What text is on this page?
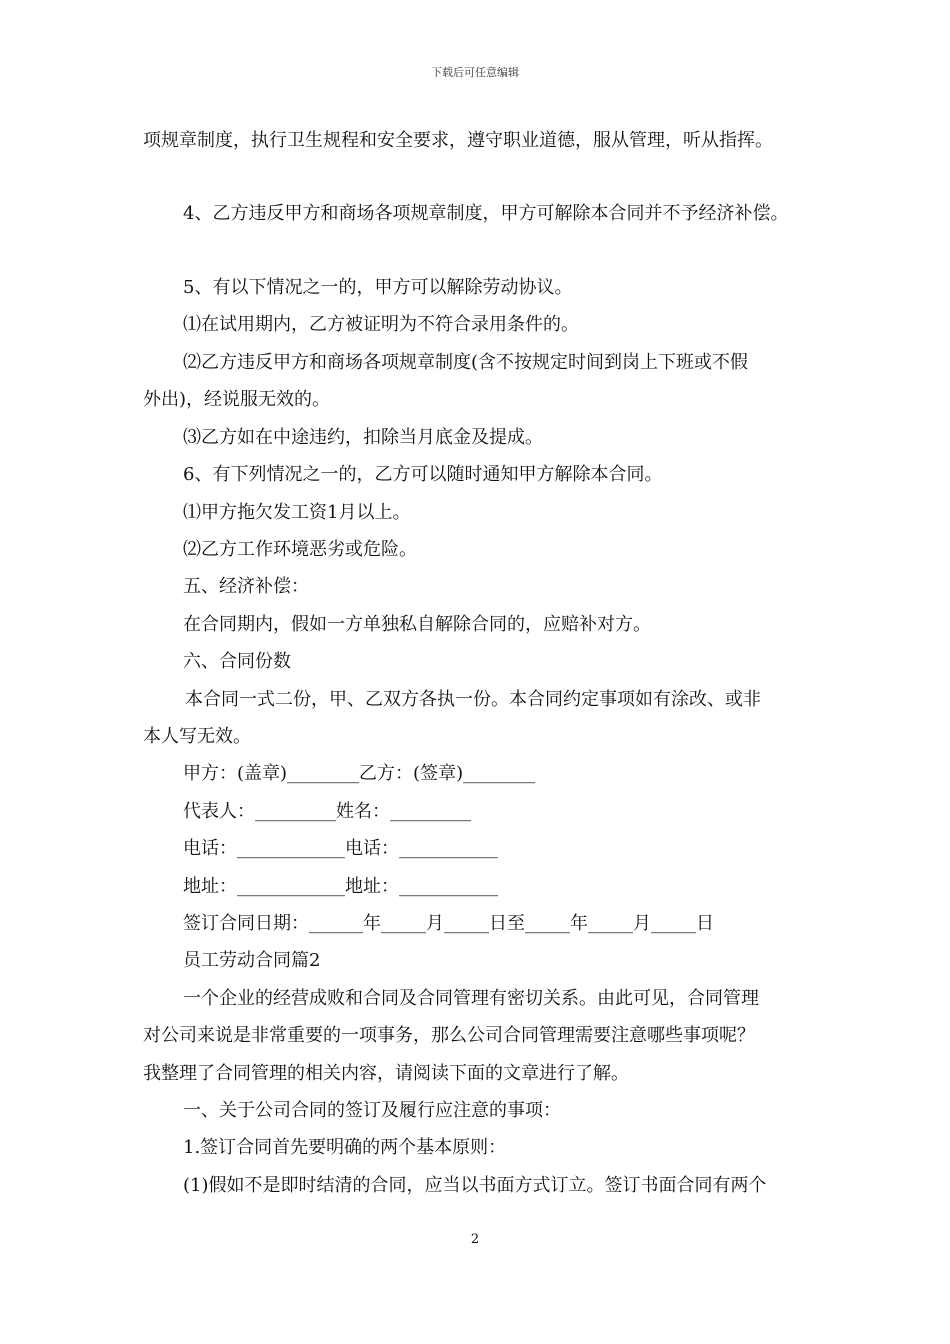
下载后可任意编辑
项规章制度，执行卫生规程和安全要求，遵守职业道德，服从管理，听从指挥。
4、乙方违反甲方和商场各项规章制度，甲方可解除本合同并不予经济补偿。
5、有以下情况之一的，甲方可以解除劳动协议。
⑴在试用期内，乙方被证明为不符合录用条件的。
⑵乙方违反甲方和商场各项规章制度(含不按规定时间到岗上下班或不假
外出)，经说服无效的。
⑶乙方如在中途违约，扣除当月底金及提成。
6、有下列情况之一的，乙方可以随时通知甲方解除本合同。
⑴甲方拖欠发工资1月以上。
⑵乙方工作环境恶劣或危险。
五、经济补偿：
在合同期内，假如一方单独私自解除合同的，应赔补对方。
六、合同份数
本合同一式二份，甲、乙双方各执一份。本合同约定事项如有涂改、或非
本人写无效。
甲方：(盖章)________乙方：(签章)________
代表人：_________姓名：_________
电话：____________电话：___________
地址：____________地址：___________
签订合同日期：______年_____月_____日至_____年_____月_____日
员工劳动合同篇2
一个企业的经营成败和合同及合同管理有密切关系。由此可见，合同管理
对公司来说是非常重要的一项事务，那么公司合同管理需要注意哪些事项呢？
我整理了合同管理的相关内容，请阅读下面的文章进行了解。
一、关于公司合同的签订及履行应注意的事项：
1.签订合同首先要明确的两个基本原则：
(1)假如不是即时结清的合同，应当以书面方式订立。签订书面合同有两个
2
